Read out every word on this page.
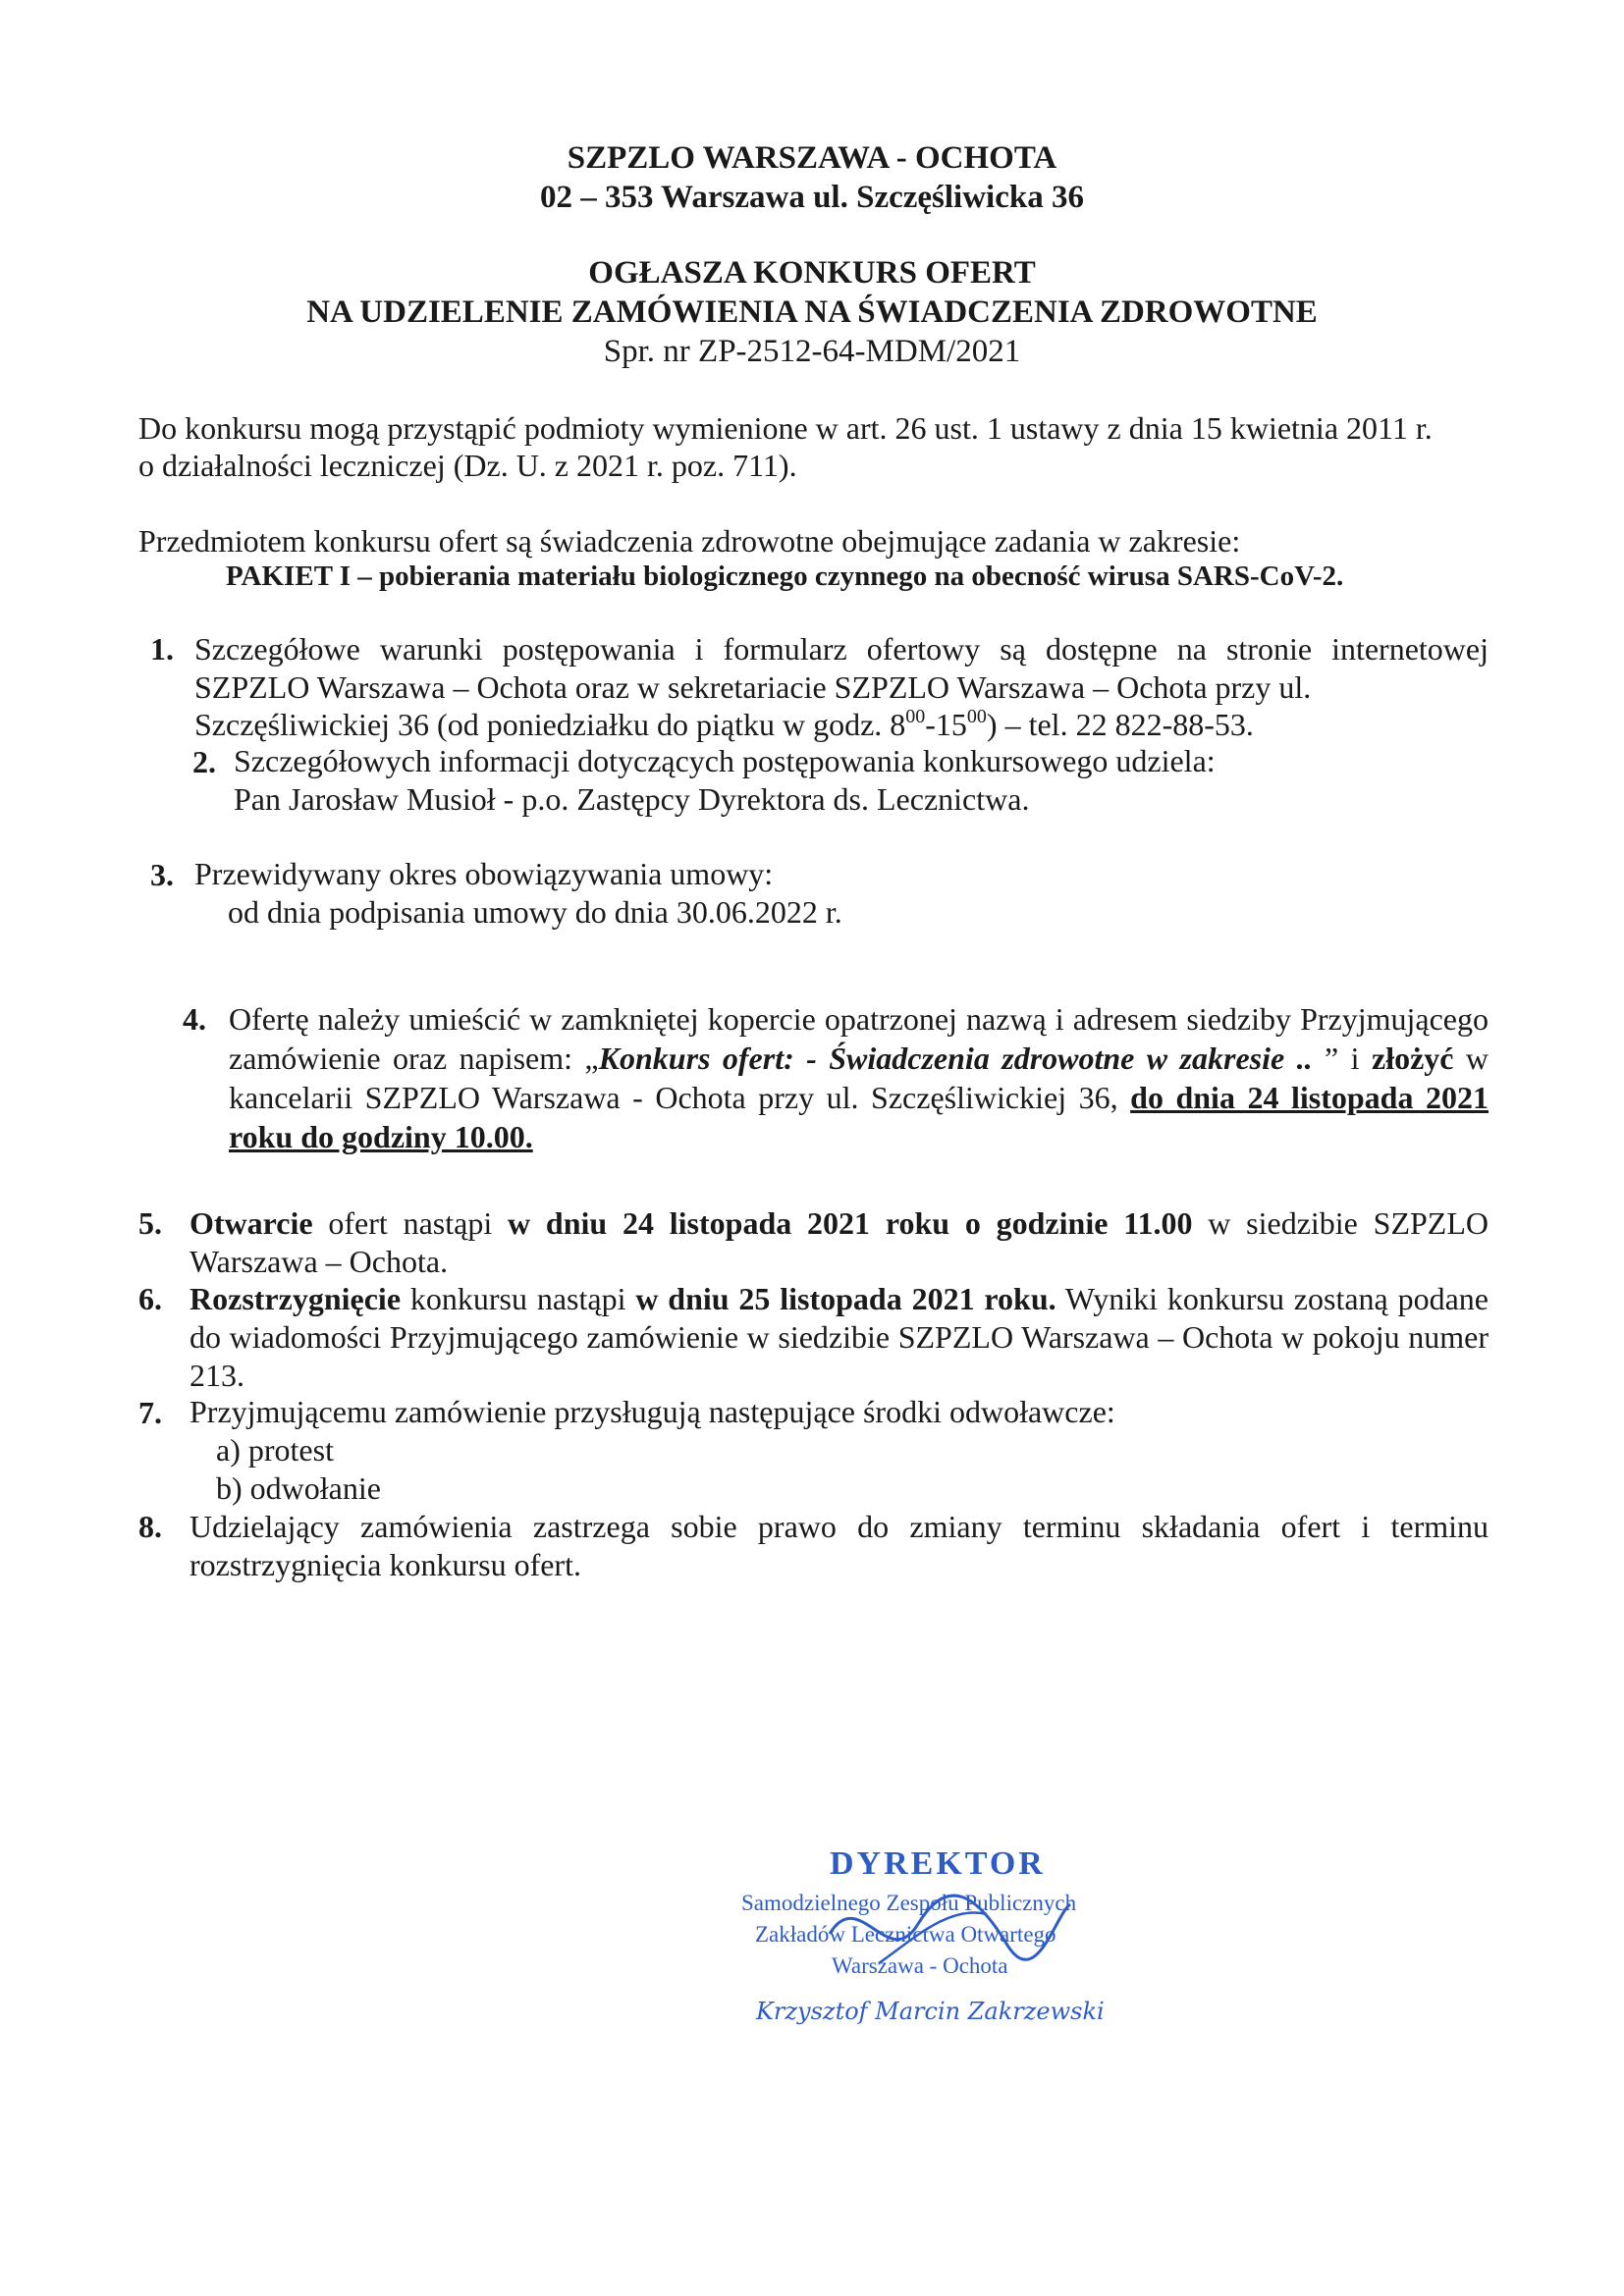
SZPZLO WARSZAWA - OCHOTA
02 – 353 Warszawa ul. Szczęśliwicka 36
OGŁASZA KONKURS OFERT
NA UDZIELENIE ZAMÓWIENIA NA ŚWIADCZENIA ZDROWOTNE
Spr. nr ZP-2512-64-MDM/2021
Do konkursu mogą przystąpić podmioty wymienione w art. 26 ust. 1 ustawy z dnia 15 kwietnia 2011 r.
o działalności leczniczej (Dz. U. z 2021 r. poz. 711).
Przedmiotem konkursu ofert są świadczenia zdrowotne obejmujące zadania w zakresie:
PAKIET I – pobierania materiału biologicznego czynnego na obecność wirusa SARS-CoV-2.
1. Szczegółowe warunki postępowania i formularz ofertowy są dostępne na stronie internetowej SZPZLO Warszawa – Ochota oraz w sekretariacie SZPZLO Warszawa – Ochota przy ul.
Szczęśliwickiej 36 (od poniedziałku do piątku w godz. $8^{00}-15^{00}$) – tel. 22 822-88-53.
2. Szczegółowych informacji dotyczących postępowania konkursowego udziela:
Pan Jarosław Musioł - p.o. Zastępcy Dyrektora ds. Lecznictwa.
3. Przewidywany okres obowiązywania umowy:
od dnia podpisania umowy do dnia 30.06.2022 r.
4. Ofertę należy umieścić w zamkniętej kopercie opatrzonej nazwą i adresem siedziby Przyjmującego zamówienie oraz napisem: „Konkurs ofert: - Świadczenia zdrowotne w zakresie .. ” i złożyć w kancelarii SZPZLO Warszawa - Ochota przy ul. Szczęśliwickiej 36, do dnia 24 listopada 2021 roku do godziny 10.00.
5. Otwarcie ofert nastąpi w dniu 24 listopada 2021 roku o godzinie 11.00 w siedzibie SZPZLO Warszawa – Ochota.
6. Rozstrzygnięcie konkursu nastąpi w dniu 25 listopada 2021 roku. Wyniki konkursu zostaną podane do wiadomości Przyjmującego zamówienie w siedzibie SZPZLO Warszawa – Ochota w pokoju numer 213.
7. Przyjmującemu zamówienie przysługują następujące środki odwoławcze:
a) protest
b) odwołanie
8. Udzielający zamówienia zastrzega sobie prawo do zmiany terminu składania ofert i terminu rozstrzygnięcia konkursu ofert.
DYREKTOR
Samodzielnego Zespołu Publicznych
Zakładów Lecznictwa Otwartego
Warszawa - Ochota
Krzysztof Marcin Zakrzewski
